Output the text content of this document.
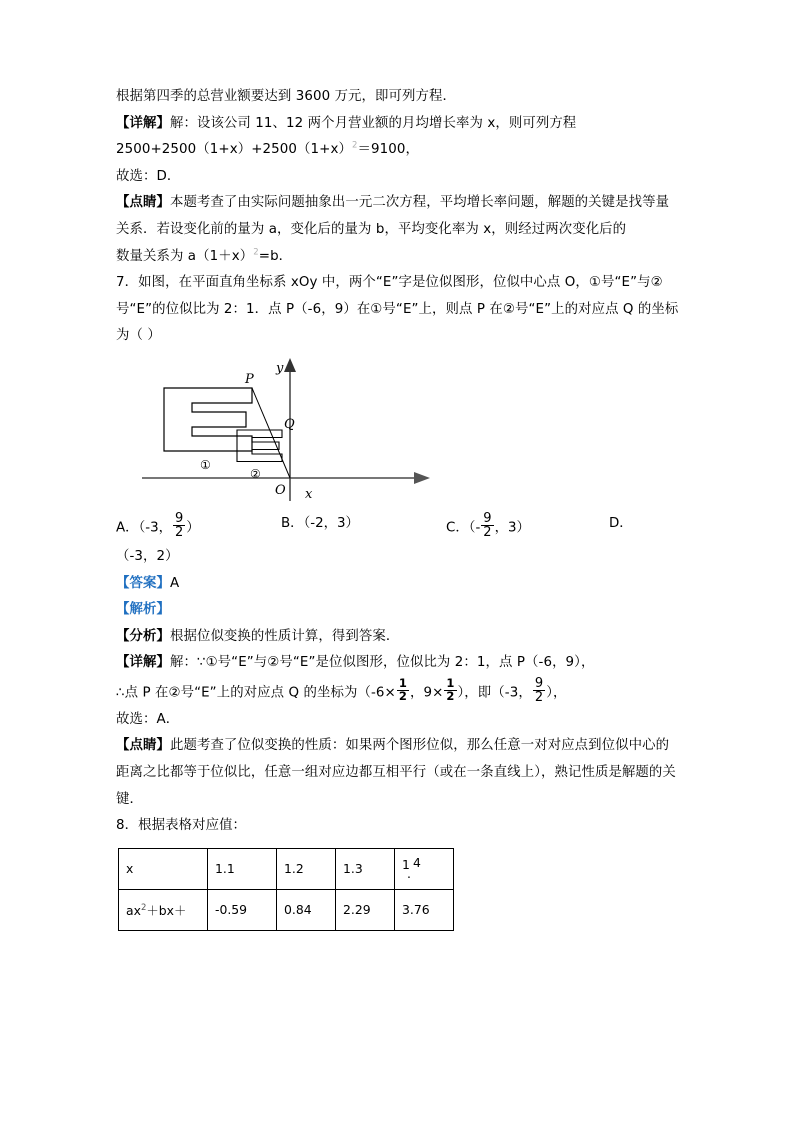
根据第四季的总营业额要达到 3600 万元，即可列方程．
【详解】解：设该公司 11、12 两个月营业额的月均增长率为 x，则可列方程
$2500+2500(1+x)+2500(1+x)^2=9100$，
故选：D．
【点睛】本题考查了由实际问题抽象出一元二次方程，平均增长率问题，解题的关键是找等量关系．若设变化前的量为 a，变化后的量为 b，平均变化率为 x，则经过两次变化后的
数量关系为 $a(1+x)^2=b$．
7．如图，在平面直角坐标系 xOy 中，两个“E”字是位似图形，位似中心点 O，①号“E”与②号“E”的位似比为 2：1．点 P（-6，9）在①号“E”上，则点 P 在②号“E”上的对应点 Q 的坐标为（ ）
P
Q
O x
y
①
②
A．（-3， $\frac{9}{2}$ ）	B．（-2，3）	C．（- $\frac{9}{2}$ ，3）	D．
（-3，2）
【答案】A
【解析】
【分析】根据位似变换的性质计算，得到答案．
【详解】解：∵①号“E”与②号“E”是位似图形，位似比为 2：1，点 P（-6，9），
∴点 P 在②号“E”上的对应点 Q 的坐标为（$-6\times \frac{1}{2}$ ，$9\times \frac{1}{2}$ ），即（-3， $\frac{9}{2}$ ），
故选：A．
【点睛】此题考查了位似变换的性质：如果两个图形位似，那么任意一对对应点到位似中心的距离之比都等于位似比，任意一组对应边都互相平行（或在一条直线上），熟记性质是解题的关键．
8．根据表格对应值：
x	1.1	1.2	1.3	1 4
.

$ax^2+bx+$	-0.59	0.84	2.29	3.76
